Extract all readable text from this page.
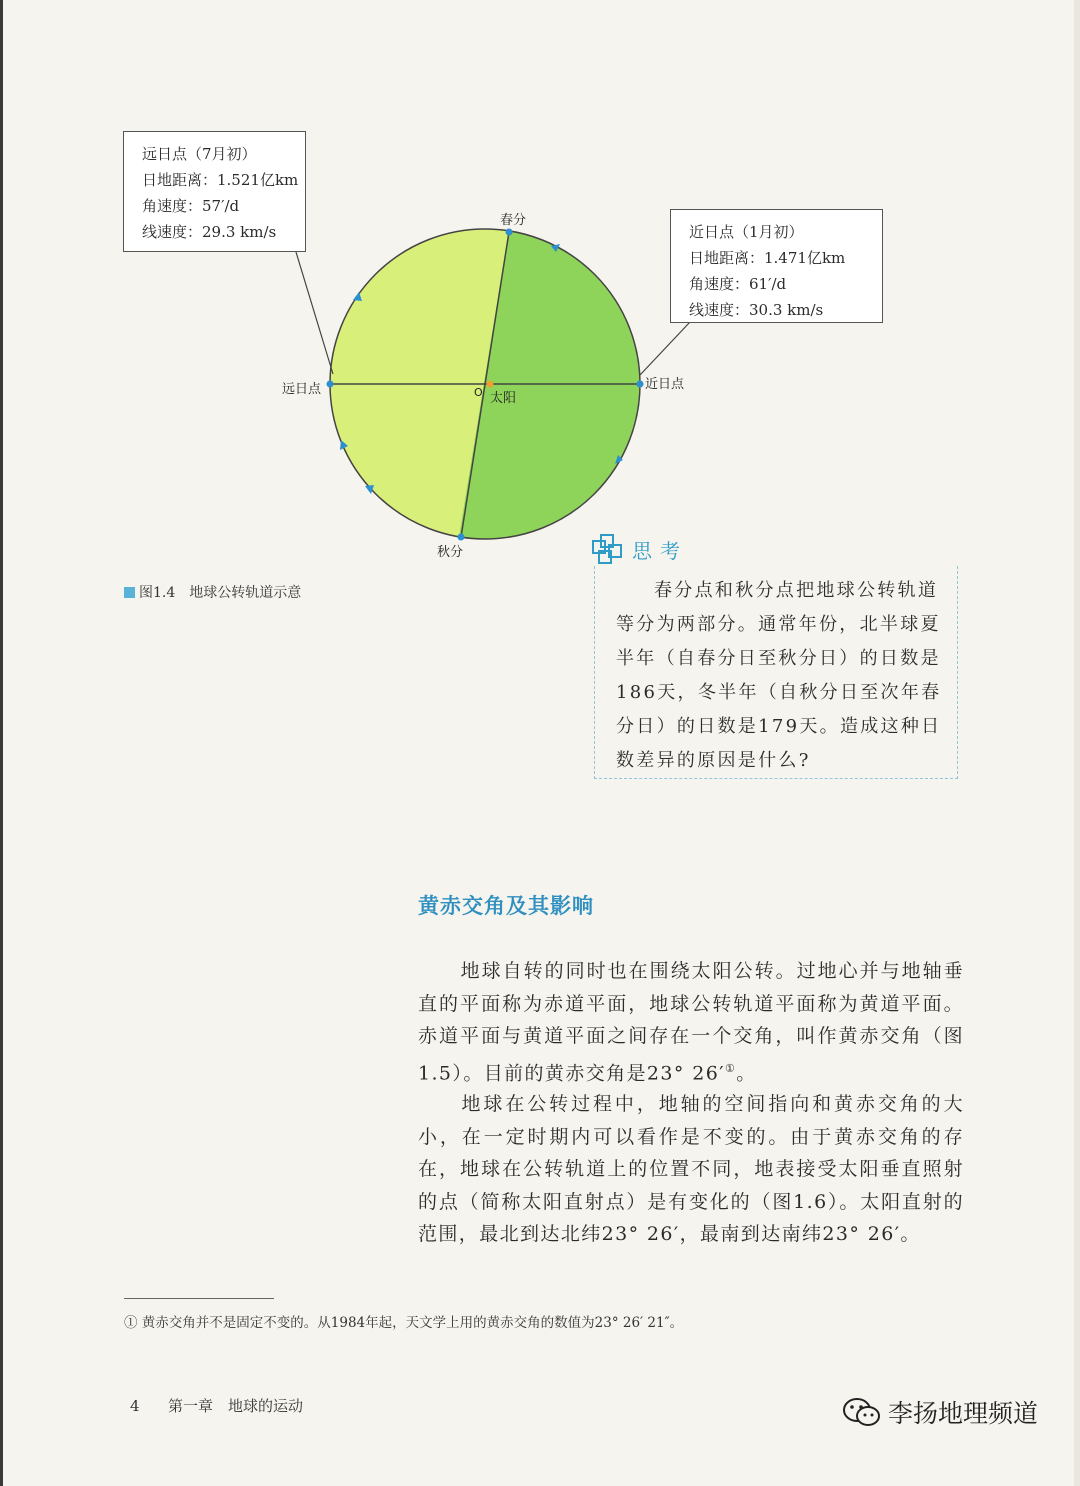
春分
秋分
远日点	近日点
太阳
O
远日点（7月初）
日地距离：1.521亿km
角速度：57′/d
线速度：29.3 km/s	近日点（1月初）
日地距离：1.471亿km
角速度：61′/d
线速度：30.3 km/s
图1.4　地球公转轨道示意
思考
春分点和秋分点把地球公转轨道等分为两部分。通常年份，北半球夏半年（自春分日至秋分日）的日数是186天，冬半年（自秋分日至次年春分日）的日数是179天。造成这种日数差异的原因是什么?
黄赤交角及其影响
地球自转的同时也在围绕太阳公转。过地心并与地轴垂直的平面称为赤道平面，地球公转轨道平面称为黄道平面。赤道平面与黄道平面之间存在一个交角，叫作黄赤交角（图1.5）。目前的黄赤交角是23° 26′①。
地球在公转过程中，地轴的空间指向和黄赤交角的大小，在一定时期内可以看作是不变的。由于黄赤交角的存在，地球在公转轨道上的位置不同，地表接受太阳垂直照射的点（简称太阳直射点）是有变化的（图1.6）。太阳直射的范围，最北到达北纬23° 26′，最南到达南纬23° 26′。
① 黄赤交角并不是固定不变的。从1984年起，天文学上用的黄赤交角的数值为23° 26′ 21″。
4 第一章　地球的运动	李扬地理频道
